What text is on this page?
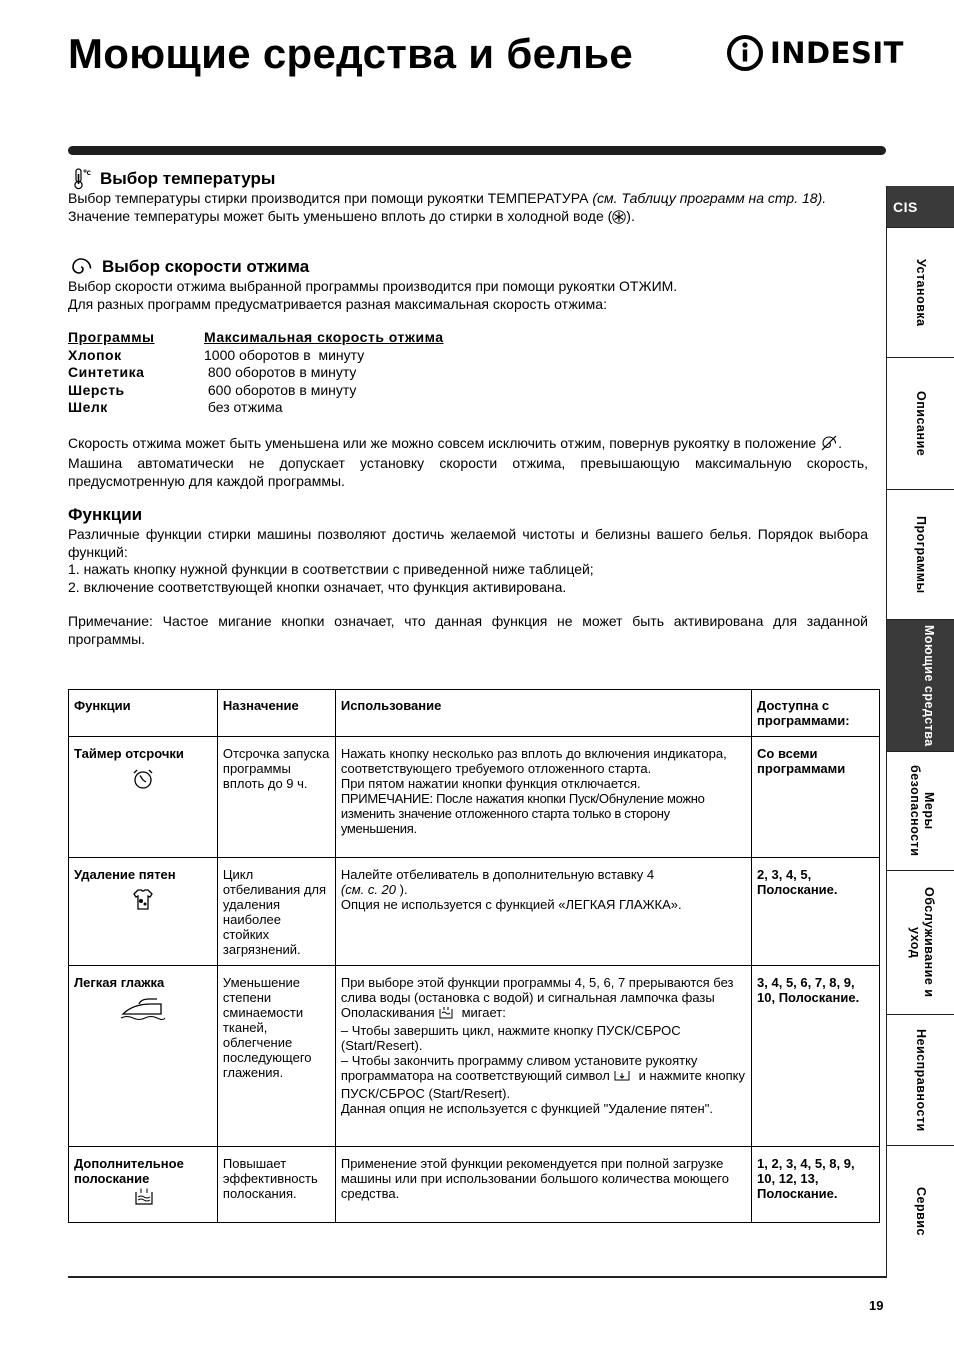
Моющие средства и белье	INDESIT
C Выбор температуры

Выбор температуры стирки производится при помощи рукоятки ТЕМПЕРАТУРА (см. Таблицу программ на стр. 18).

Значение температуры может быть уменьшено вплоть до стирки в холодной воде ( ).

Выбор скорости отжима

Выбор скорости отжима выбранной программы производится при помощи рукоятки ОТЖИМ.

Для разных программ предусматривается разная максимальная скорость отжима:

Программы	Максимальная скорость отжима
Хлопок	1000 оборотов в  минуту
Синтетика	800 оборотов в минуту
Шерсть	600 оборотов в минуту
Шелк	без отжима

Скорость отжима может быть уменьшена или же можно совсем исключить отжим, повернув рукоятку в положение .

Машина автоматически не допускает установку скорости отжима, превышающую максимальную скорость, предусмотренную для каждой программы.

Функции

Различные функции стирки машины позволяют достичь желаемой чистоты и белизны вашего белья. Порядок выбора функций:

1. нажать кнопку нужной функции в соответствии с приведенной ниже таблицей;

2. включение соответствующей кнопки означает, что функция активирована.

Примечание: Частое мигание кнопки означает, что данная функция не может быть активирована для заданной программы.

Функции	Назначение	Использование	Доступна с программами:
Таймер отсрочки	Отсрочка запуска программы вплоть до 9 ч.	Нажать кнопку несколько раз вплоть до включения индикатора, соответствующего требуемого отложенного старта.
При пятом нажатии кнопки функция отключается.
ПРИМЕЧАНИЕ: После нажатия кнопки Пуск/Обнуление можно изменить значение отложенного старта только в сторону уменьшения.	Со всеми программами
Удаление пятен	Цикл отбеливания для удаления наиболее стойких загрязнений.	Налейте отбеливатель в дополнительную вставку 4
(см. с. 20 ).
Опция не используется с функцией «ЛЕГКАЯ ГЛАЖКА».	2, 3, 4, 5, Полоскание.
Легкая глажка	Уменьшение степени сминаемости тканей, облегчение последующего глажения.	При выборе этой функции программы 4, 5, 6, 7 прерываются без слива воды (остановка с водой) и сигнальная лампочка фазы Ополаскивания мигает:
– Чтобы завершить цикл, нажмите кнопку ПУСК/СБРОС (Start/Resert).
– Чтобы закончить программу сливом установите рукоятку программатора на соответствующий символ и нажмите кнопку
ПУСК/СБРОС (Start/Resert).
Данная опция не используется с функцией "Удаление пятен".	3, 4, 5, 6, 7, 8, 9, 10, Полоскание.
Дополнительное полоскание	Повышает эффективность полоскания.	Применение этой функции рекомендуется при полной загрузке машины или при использовании большого количества моющего средства.	1, 2, 3, 4, 5, 8, 9, 10, 12, 13, Полоскание.
CIS
Установка
Описание
Программы
Моющие средства
Меры безопасности
Обслуживание и уход
Неисправности
Сервис
19
